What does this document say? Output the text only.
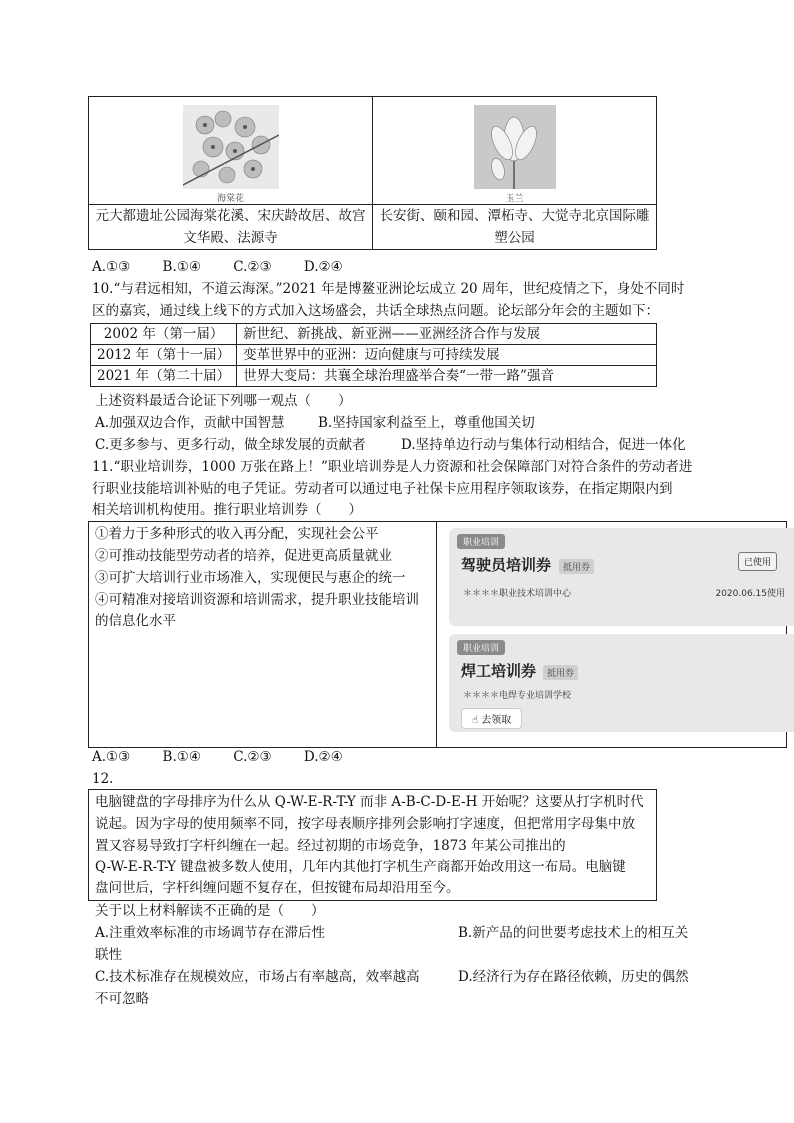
海棠花	玉兰

元大都遗址公园海棠花溪、宋庆龄故居、故宫文华殿、法源寺	长安街、颐和园、潭柘寺、大觉寺北京国际雕塑公园
A.①③ B.①④ C.②③ D.②④
10.“与君远相知，不道云海深。”2021 年是博鳌亚洲论坛成立 20 周年，世纪疫情之下，身处不同时
区的嘉宾，通过线上线下的方式加入这场盛会，共话全球热点问题。论坛部分年会的主题如下：
2002 年（第一届）	新世纪、新挑战、新亚洲——亚洲经济合作与发展
2012 年（第十一届）	变革世界中的亚洲：迈向健康与可持续发展
2021 年（第二十届）	世界大变局：共襄全球治理盛举合奏“一带一路”强音
上述资料最适合论证下列哪一观点（　　）
A.加强双边合作，贡献中国智慧 B.坚持国家利益至上，尊重他国关切
C.更多参与、更多行动，做全球发展的贡献者	D.坚持单边行动与集体行动相结合，促进一体化
11.“职业培训券，1000 万张在路上！”职业培训券是人力资源和社会保障部门对符合条件的劳动者进
行职业技能培训补贴的电子凭证。劳动者可以通过电子社保卡应用程序领取该券，在指定期限内到
相关培训机构使用。推行职业培训券（　　）
①着力于多种形式的收入再分配，实现社会公平
②可推动技能型劳动者的培养，促进更高质量就业
③可扩大培训行业市场准入，实现便民与惠企的统一
④可精准对接培训资源和培训需求，提升职业技能培训
的信息化水平
职业培训
驾驶员培训券	抵用券	已使用
＊＊＊＊职业技术培训中心	2020.06.15使用
职业培训
焊工培训券	抵用券
＊＊＊＊电焊专业培训学校
☝ 去领取
A.①③ B.①④ C.②③ D.②④
12.
电脑键盘的字母排序为什么从 Q-W-E-R-T-Y 而非 A-B-C-D-E-H 开始呢？这要从打字机时代
说起。因为字母的使用频率不同，按字母表顺序排列会影响打字速度，但把常用字母集中放
置又容易导致打字杆纠缠在一起。经过初期的市场竞争，1873 年某公司推出的
Q-W-E-R-T-Y 键盘被多数人使用，几年内其他打字机生产商都开始改用这一布局。电脑键
盘问世后，字杆纠缠问题不复存在，但按键布局却沿用至今。
关于以上材料解读不正确的是（　　）
A.注重效率标准的市场调节存在滞后性	B.新产品的问世要考虑技术上的相互关
联性
C.技术标准存在规模效应，市场占有率越高，效率越高	D.经济行为存在路径依赖，历史的偶然
不可忽略
